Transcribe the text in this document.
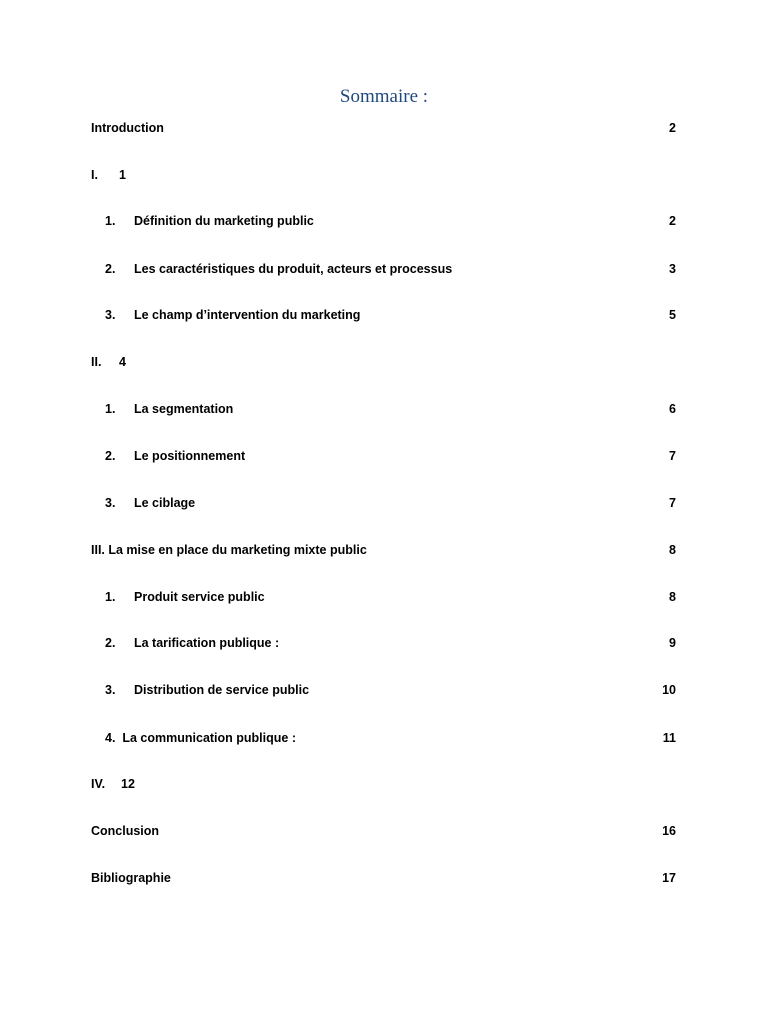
Sommaire :
Introduction	2
I. 1
1. Définition du marketing public	2
2. Les caractéristiques du produit, acteurs et processus	3
3. Le champ d’intervention du marketing	5
II. 4
1. La segmentation	6
2. Le positionnement	7
3. Le ciblage	7
III. La mise en place du marketing mixte public	8
1. Produit service public	8
2. La tarification publique :	9
3. Distribution de service public	10
4.  La communication publique :	11
IV. 12
Conclusion	16
Bibliographie	17
